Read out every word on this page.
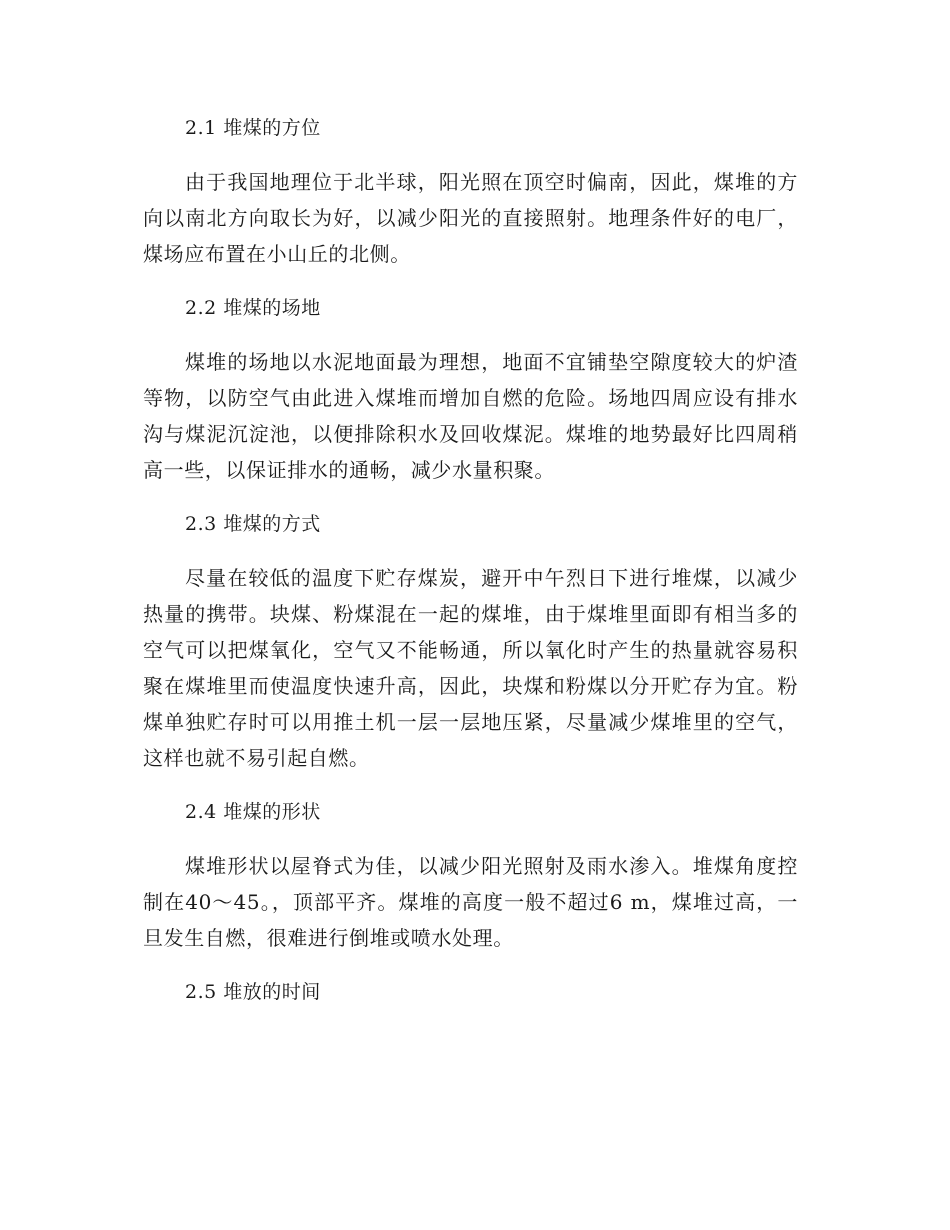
2.1 堆煤的方位

由于我国地理位于北半球，阳光照在顶空时偏南，因此，煤堆的方向以南北方向取长为好，以减少阳光的直接照射。地理条件好的电厂，煤场应布置在小山丘的北侧。

2.2 堆煤的场地

煤堆的场地以水泥地面最为理想，地面不宜铺垫空隙度较大的炉渣等物，以防空气由此进入煤堆而增加自燃的危险。场地四周应设有排水沟与煤泥沉淀池，以便排除积水及回收煤泥。煤堆的地势最好比四周稍高一些，以保证排水的通畅，减少水量积聚。

2.3 堆煤的方式

尽量在较低的温度下贮存煤炭，避开中午烈日下进行堆煤，以减少热量的携带。块煤、粉煤混在一起的煤堆，由于煤堆里面即有相当多的空气可以把煤氧化，空气又不能畅通，所以氧化时产生的热量就容易积聚在煤堆里而使温度快速升高，因此，块煤和粉煤以分开贮存为宜。粉煤单独贮存时可以用推土机一层一层地压紧，尽量减少煤堆里的空气，这样也就不易引起自燃。

2.4 堆煤的形状

煤堆形状以屋脊式为佳，以减少阳光照射及雨水渗入。堆煤角度控制在40～45。，顶部平齐。煤堆的高度一般不超过6 m，煤堆过高，一旦发生自燃，很难进行倒堆或喷水处理。

2.5 堆放的时间
